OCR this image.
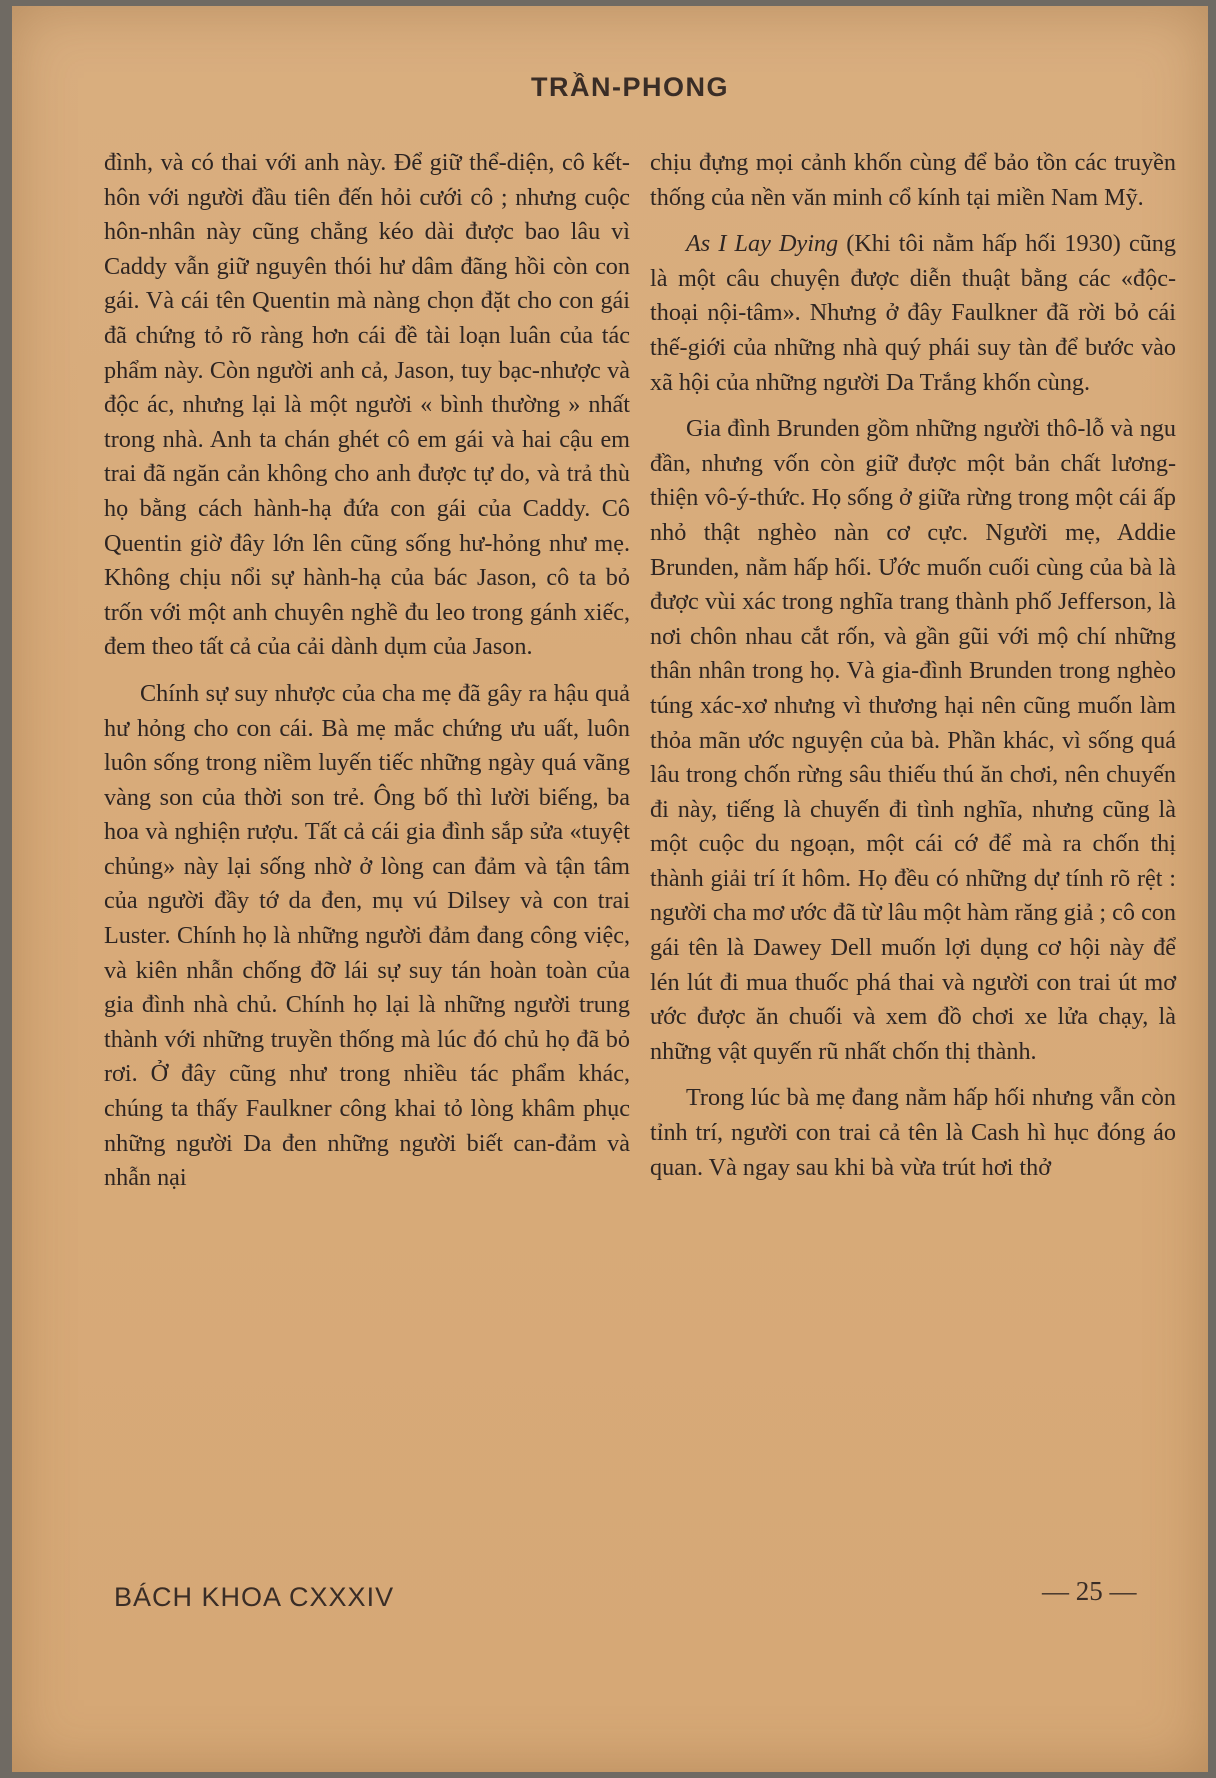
TRẦN-PHONG

đình, và có thai với anh này. Để giữ thể-diện, cô kết-hôn với người đầu tiên đến hỏi cưới cô ; nhưng cuộc hôn-nhân này cũng chẳng kéo dài được bao lâu vì Caddy vẫn giữ nguyên thói hư dâm đãng hồi còn con gái. Và cái tên Quentin mà nàng chọn đặt cho con gái đã chứng tỏ rõ ràng hơn cái đề tài loạn luân của tác phẩm này. Còn người anh cả, Jason, tuy bạc-nhược và độc ác, nhưng lại là một người « bình thường » nhất trong nhà. Anh ta chán ghét cô em gái và hai cậu em trai đã ngăn cản không cho anh được tự do, và trả thù họ bằng cách hành-hạ đứa con gái của Caddy. Cô Quentin giờ đây lớn lên cũng sống hư-hỏng như mẹ. Không chịu nổi sự hành-hạ của bác Jason, cô ta bỏ trốn với một anh chuyên nghề đu leo trong gánh xiếc, đem theo tất cả của cải dành dụm của Jason.

Chính sự suy nhược của cha mẹ đã gây ra hậu quả hư hỏng cho con cái. Bà mẹ mắc chứng ưu uất, luôn luôn sống trong niềm luyến tiếc những ngày quá vãng vàng son của thời son trẻ. Ông bố thì lười biếng, ba hoa và nghiện rượu. Tất cả cái gia đình sắp sửa «tuyệt chủng» này lại sống nhờ ở lòng can đảm và tận tâm của người đầy tớ da đen, mụ vú Dilsey và con trai Luster. Chính họ là những người đảm đang công việc, và kiên nhẫn chống đỡ lái sự suy tán hoàn toàn của gia đình nhà chủ. Chính họ lại là những người trung thành với những truyền thống mà lúc đó chủ họ đã bỏ rơi. Ở đây cũng như trong nhiều tác phẩm khác, chúng ta thấy Faulkner công khai tỏ lòng khâm phục những người Da đen những người biết can-đảm và nhẫn nại

chịu đựng mọi cảnh khốn cùng để bảo tồn các truyền thống của nền văn minh cổ kính tại miền Nam Mỹ.

As I Lay Dying (Khi tôi nằm hấp hối 1930) cũng là một câu chuyện được diễn thuật bằng các «độc-thoại nội-tâm». Nhưng ở đây Faulkner đã rời bỏ cái thế-giới của những nhà quý phái suy tàn để bước vào xã hội của những người Da Trắng khốn cùng.

Gia đình Brunden gồm những người thô-lỗ và ngu đần, nhưng vốn còn giữ được một bản chất lương-thiện vô-ý-thức. Họ sống ở giữa rừng trong một cái ấp nhỏ thật nghèo nàn cơ cực. Người mẹ, Addie Brunden, nằm hấp hối. Ước muốn cuối cùng của bà là được vùi xác trong nghĩa trang thành phố Jefferson, là nơi chôn nhau cắt rốn, và gần gũi với mộ chí những thân nhân trong họ. Và gia-đình Brunden trong nghèo túng xác-xơ nhưng vì thương hại nên cũng muốn làm thỏa mãn ước nguyện của bà. Phần khác, vì sống quá lâu trong chốn rừng sâu thiếu thú ăn chơi, nên chuyến đi này, tiếng là chuyến đi tình nghĩa, nhưng cũng là một cuộc du ngoạn, một cái cớ để mà ra chốn thị thành giải trí ít hôm. Họ đều có những dự tính rõ rệt : người cha mơ ước đã từ lâu một hàm răng giả ; cô con gái tên là Dawey Dell muốn lợi dụng cơ hội này để lén lút đi mua thuốc phá thai và người con trai út mơ ước được ăn chuối và xem đồ chơi xe lửa chạy, là những vật quyến rũ nhất chốn thị thành.

Trong lúc bà mẹ đang nằm hấp hối nhưng vẫn còn tỉnh trí, người con trai cả tên là Cash hì hục đóng áo quan. Và ngay sau khi bà vừa trút hơi thở

BÁCH KHOA CXXXIV	— 25 —
